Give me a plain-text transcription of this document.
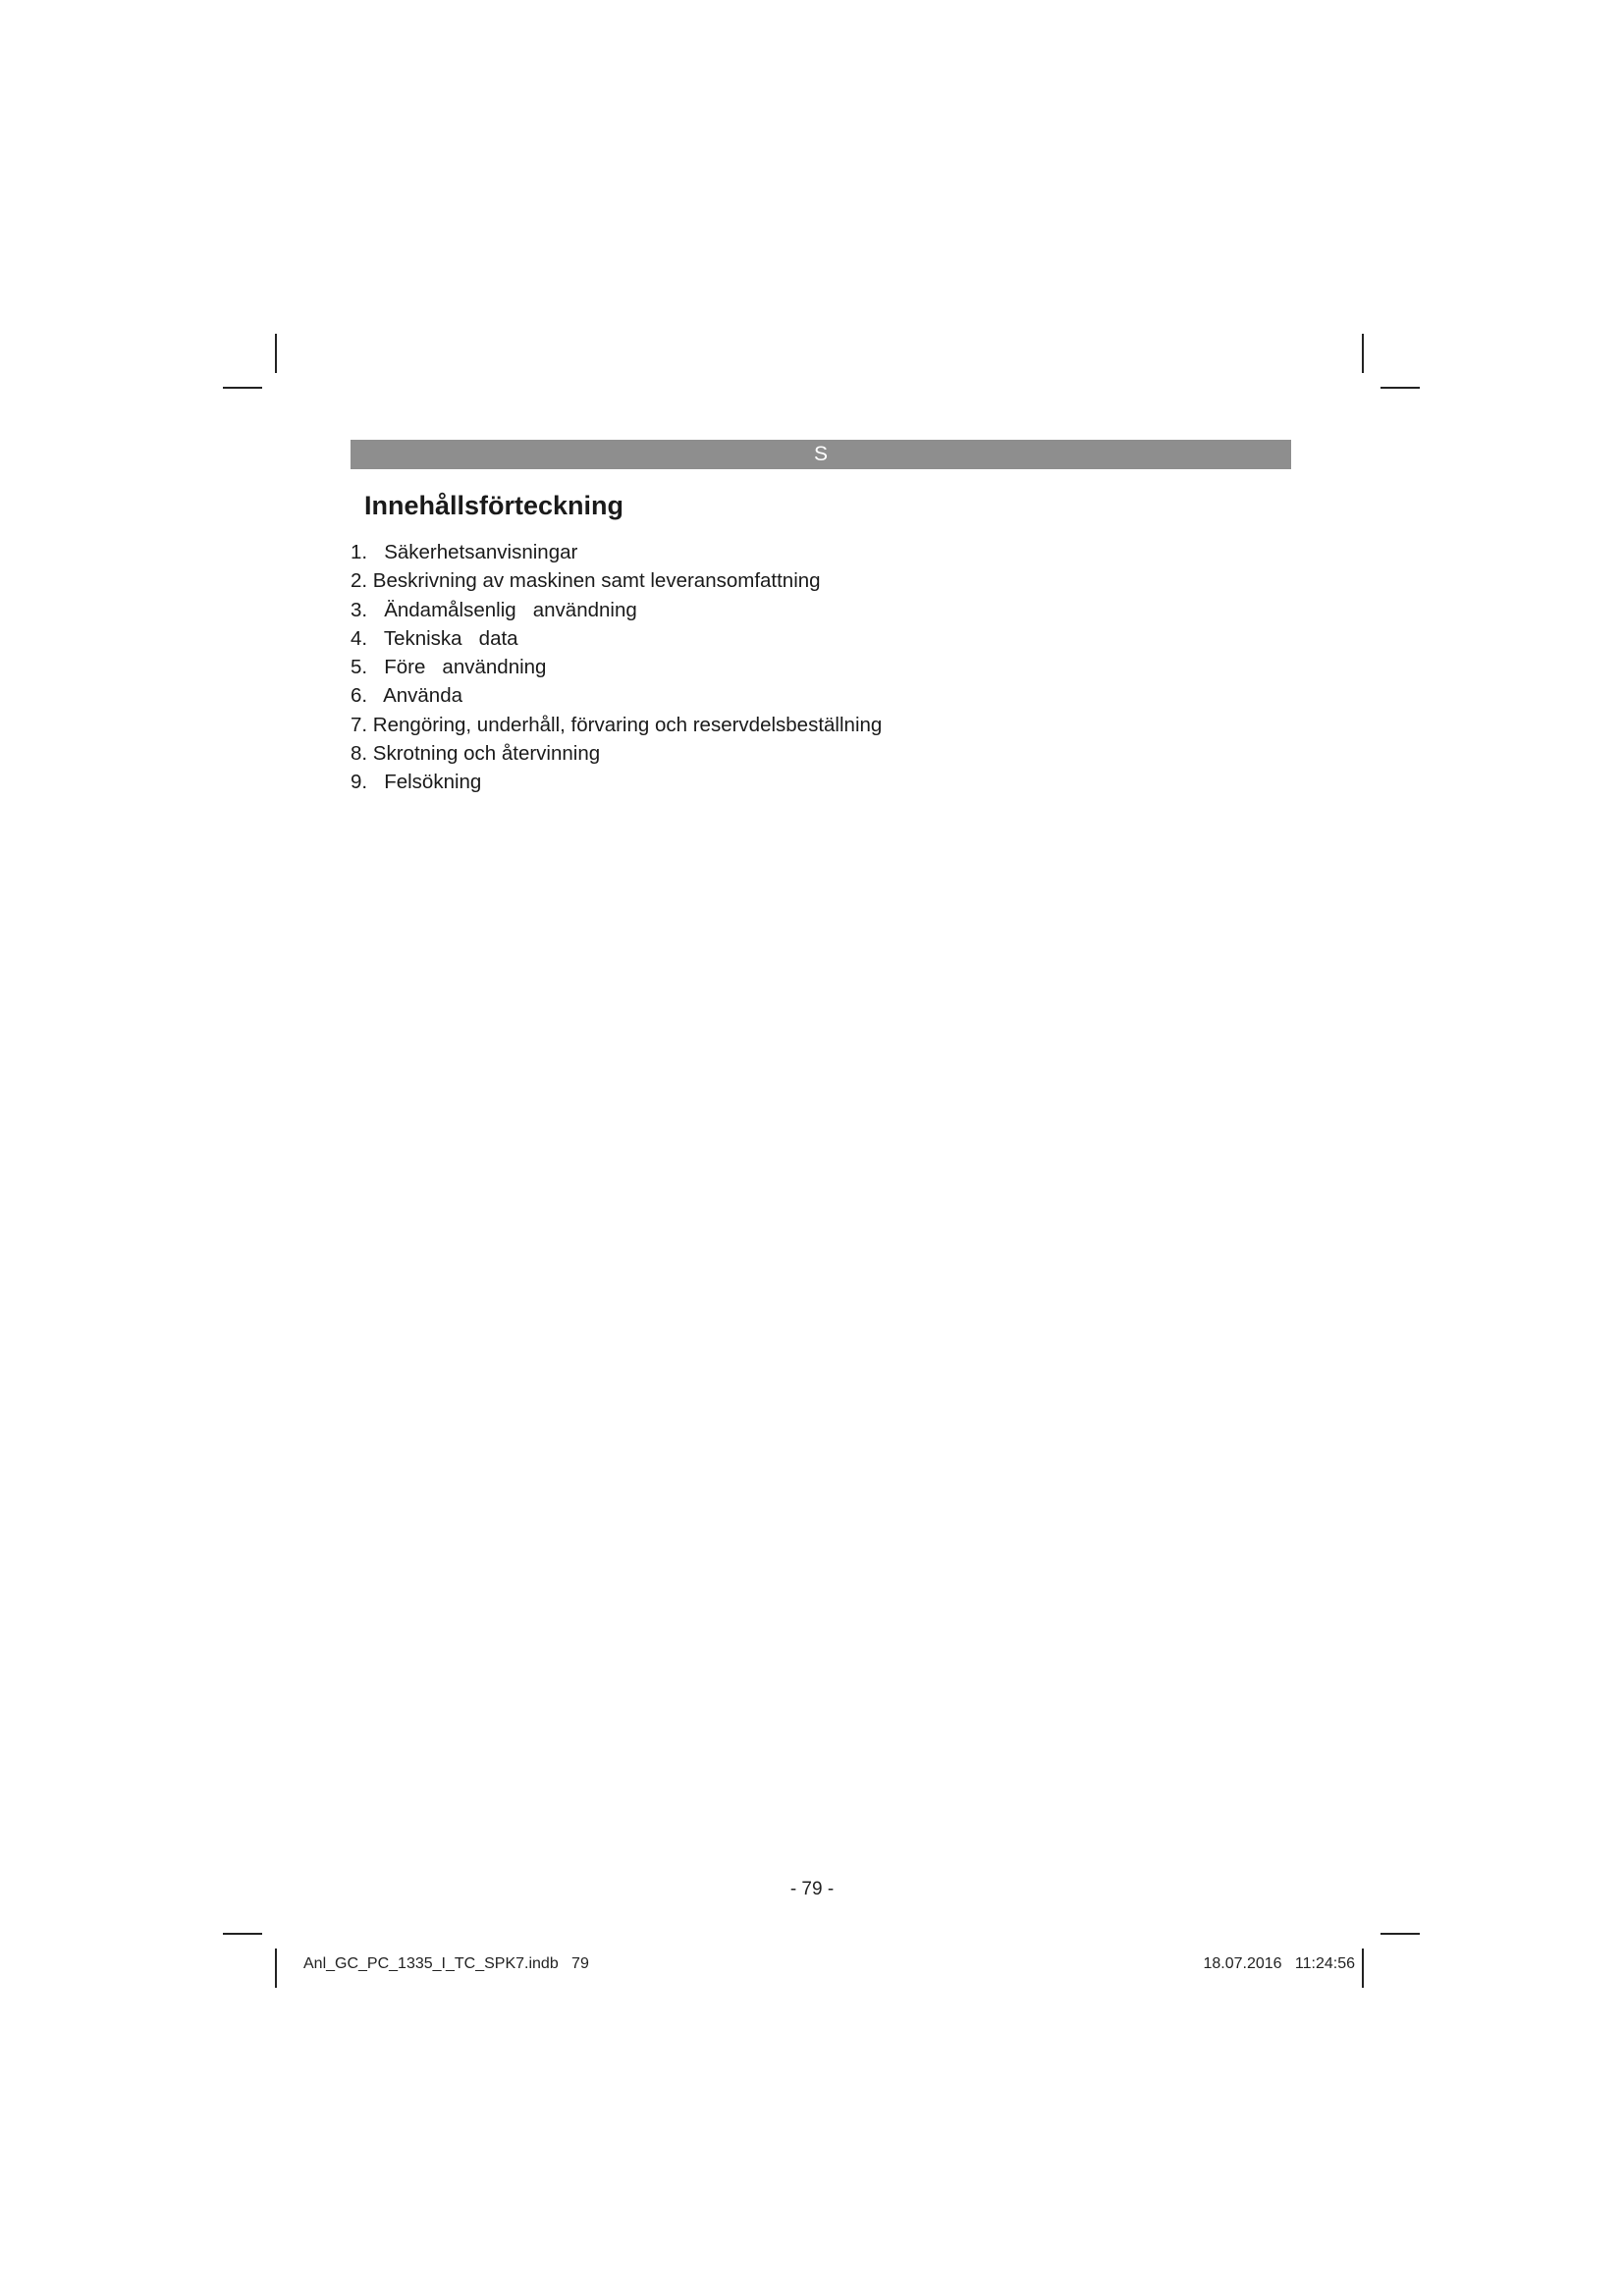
S
Innehållsförteckning
1.   Säkerhetsanvisningar
2. Beskrivning av maskinen samt leveransomfattning
3.   Ändamålsenlig   användning
4.   Tekniska   data
5.   Före   användning
6.   Använda
7. Rengöring, underhåll, förvaring och reservdelsbeställning
8. Skrotning och återvinning
9.   Felsökning
- 79 -
Anl_GC_PC_1335_I_TC_SPK7.indb   79	18.07.2016   11:24:56
